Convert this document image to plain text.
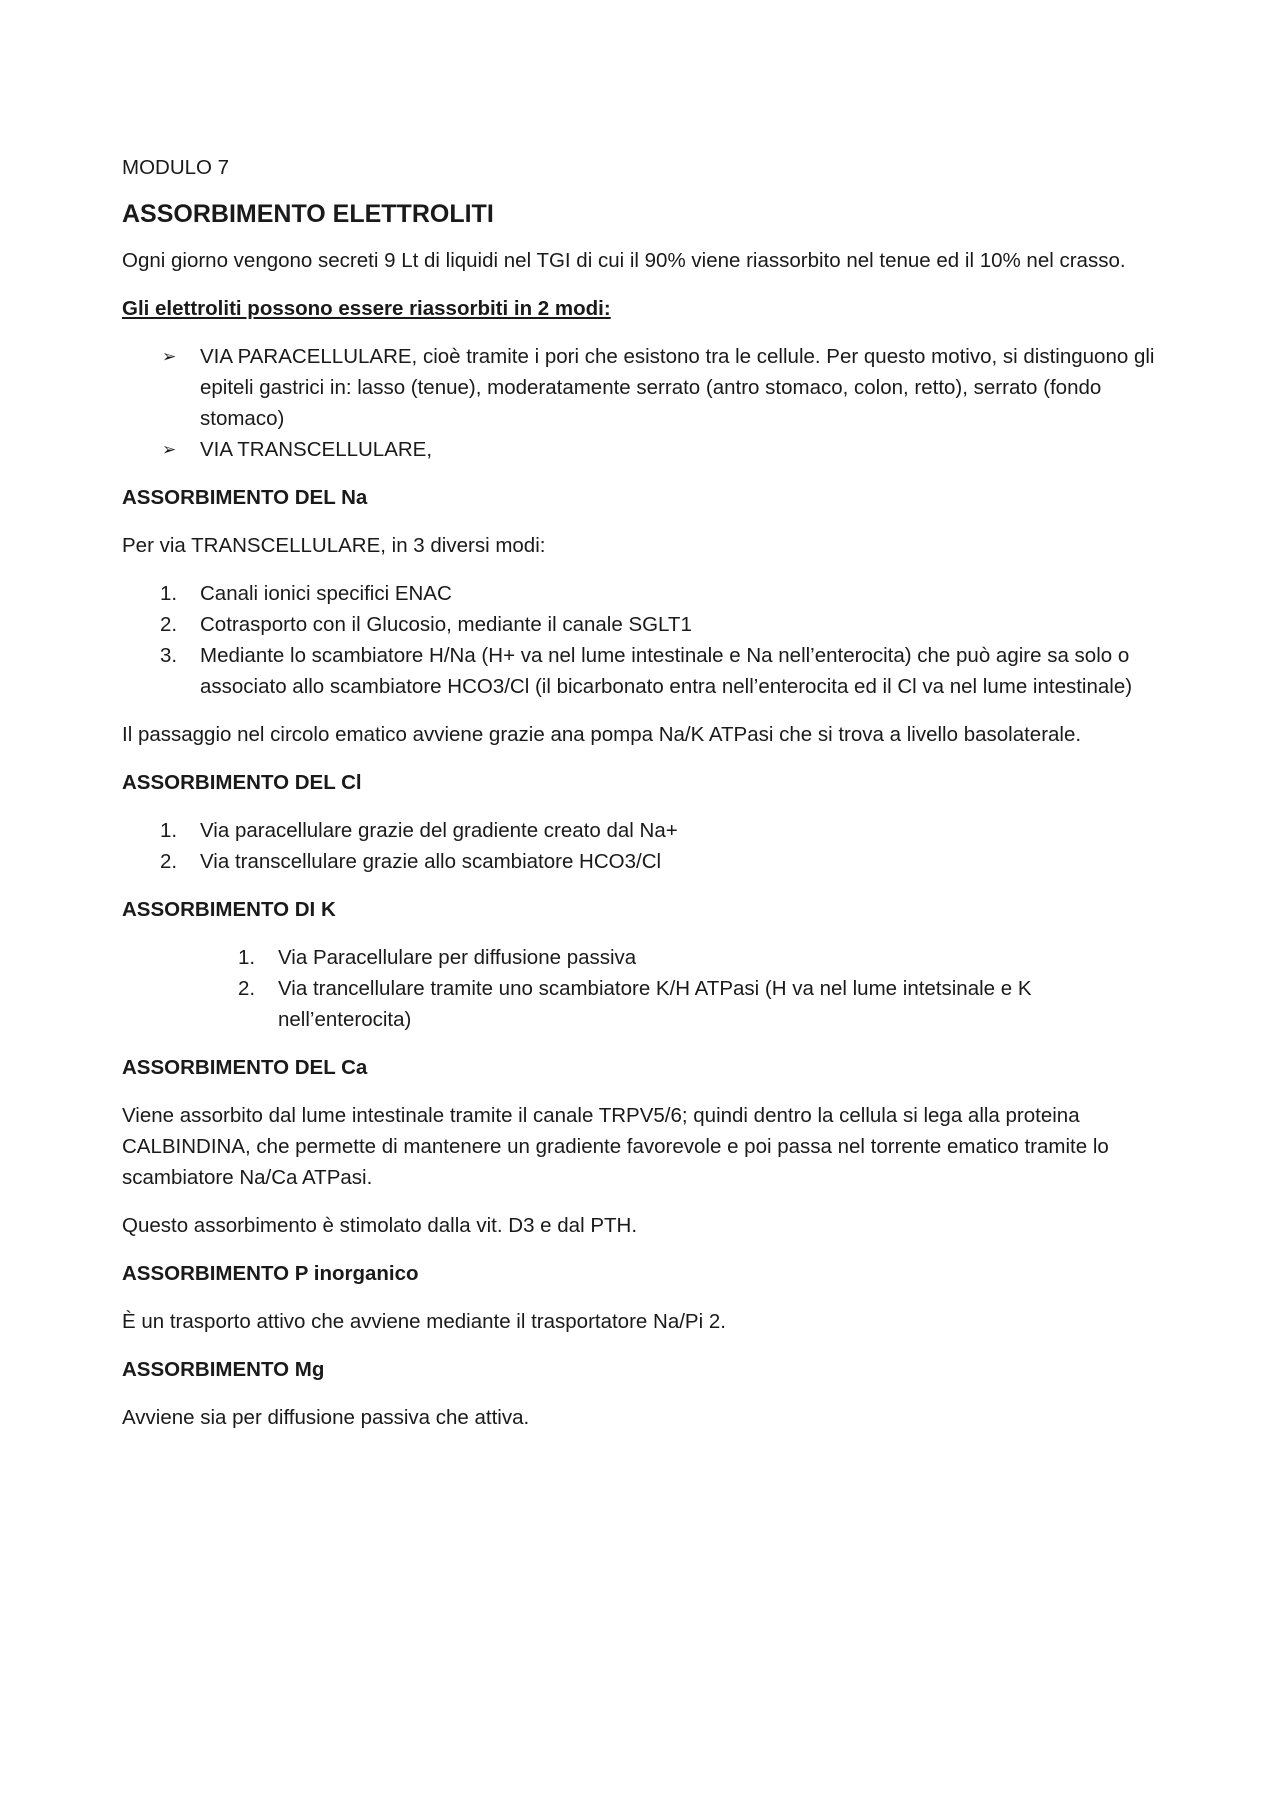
MODULO 7

ASSORBIMENTO ELETTROLITI

Ogni giorno vengono secreti 9 Lt di liquidi nel TGI di cui il 90% viene riassorbito nel tenue ed il 10% nel crasso.

Gli elettroliti possono essere riassorbiti in 2 modi:

➢ VIA PARACELLULARE, cioè tramite i pori che esistono tra le cellule. Per questo motivo, si distinguono gli epiteli gastrici in: lasso (tenue), moderatamente serrato (antro stomaco, colon, retto), serrato (fondo stomaco)
➢ VIA TRANSCELLULARE,

ASSORBIMENTO DEL Na

Per via TRANSCELLULARE, in 3 diversi modi:

1. Canali ionici specifici ENAC
2. Cotrasporto con il Glucosio, mediante il canale SGLT1
3. Mediante lo scambiatore H/Na (H+ va nel lume intestinale e Na nell’enterocita) che può agire sa solo o associato allo scambiatore HCO3/Cl (il bicarbonato entra nell’enterocita ed il Cl va nel lume intestinale)

Il passaggio nel circolo ematico avviene grazie ana pompa Na/K ATPasi che si trova a livello basolaterale.

ASSORBIMENTO DEL Cl

1. Via paracellulare grazie del gradiente creato dal Na+
2. Via transcellulare grazie allo scambiatore HCO3/Cl

ASSORBIMENTO DI K

1. Via Paracellulare per diffusione passiva
2. Via trancellulare tramite uno scambiatore K/H ATPasi (H va nel lume intetsinale e K nell’enterocita)

ASSORBIMENTO DEL Ca

Viene assorbito dal lume intestinale tramite il canale TRPV5/6; quindi dentro la cellula si lega alla proteina CALBINDINA, che permette di mantenere un gradiente favorevole e poi passa nel torrente ematico tramite lo scambiatore Na/Ca ATPasi.

Questo assorbimento è stimolato dalla vit. D3 e dal PTH.

ASSORBIMENTO P inorganico

È un trasporto attivo che avviene mediante il trasportatore Na/Pi 2.

ASSORBIMENTO Mg

Avviene sia per diffusione passiva che attiva.
